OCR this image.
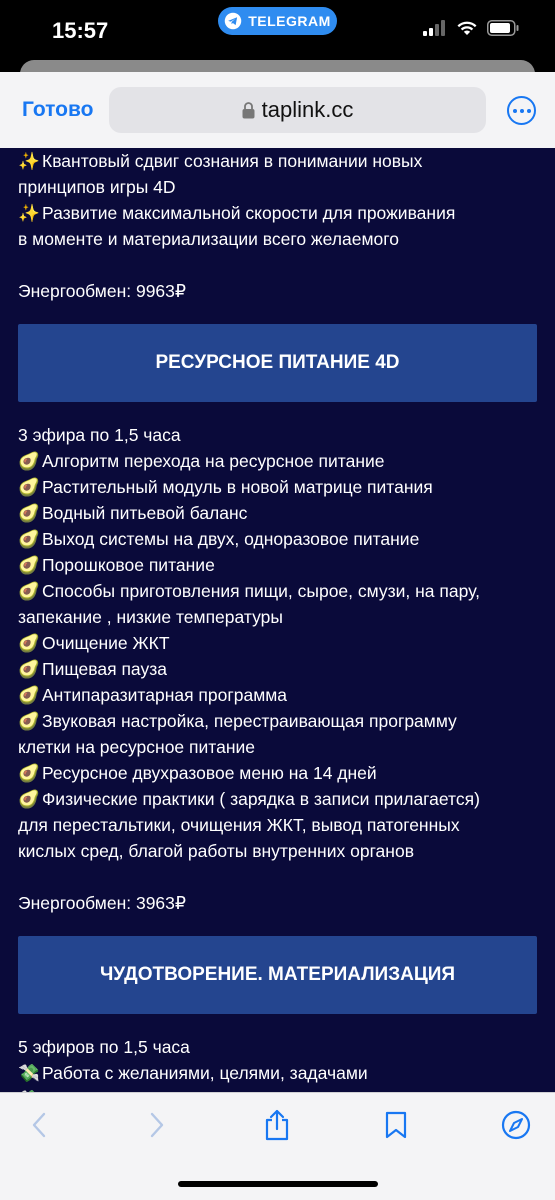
15:57	TELEGRAM
Готово	taplink.cc
✨ Квантовый сдвиг сознания в понимании новых
принципов игры 4D
✨ Развитие максимальной скорости для проживания
в моменте и материализации всего желаемого
Энергообмен: 9963₽
РЕСУРСНОЕ ПИТАНИЕ 4D
3 эфира по 1,5 часа
🥑 Алгоритм перехода на ресурсное питание
🥑 Растительный модуль в новой матрице питания
🥑 Водный питьевой баланс
🥑 Выход системы на двух, одноразовое питание
🥑 Порошковое питание
🥑 Способы приготовления пищи, сырое, смузи, на пару,
запекание , низкие температуры
🥑 Очищение ЖКТ
🥑 Пищевая пауза
🥑 Антипаразитарная программа
🥑 Звуковая настройка, перестраивающая программу
клетки на ресурсное питание
🥑 Ресурсное двухразовое меню на 14 дней
🥑 Физические практики ( зарядка в записи прилагается)
для перестальтики, очищения ЖКТ, вывод патогенных
кислых сред, благой работы внутренних органов
Энергообмен: 3963₽
ЧУДОТВОРЕНИЕ. МАТЕРИАЛИЗАЦИЯ
5 эфиров по 1,5 часа
💸 Работа с желаниями, целями, задачами
